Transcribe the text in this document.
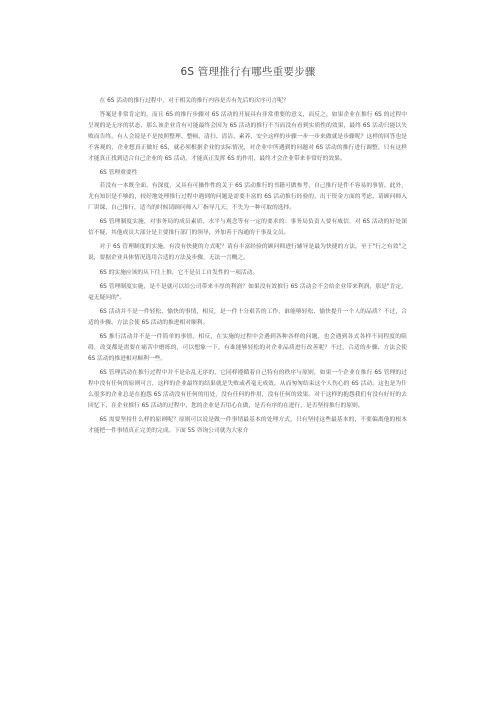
6S 管理推行有哪些重要步骤

在 6S 活动的推行过程中，对于相关的推行内容是否有先后的次序可言呢？

答案是非常肯定的，而且 6S 的推行步骤对 6S 活动的开展具有非常重要的意义，而反之，如果企业在推行 6S 的过程中呈现的是无序的状态，那么该企业肯有可能最终会因为 6S 活动的推行不当而没有看到实质性的效果，最终 6S 活动只能以失败而告终。有人会说是不是按照整理、整顿、清扫、清洁、素养、安全这样的步骤一步一步来做就是步骤呢？这样的回答也是不客观的，企业想真正做好 6S，就必须根据企业的实际情况，对企业中所遇到的问题对 6S 活动的推行进行调整，只有这样才能真正找到适合自己企业的 6S 活动，才能真正发挥 6S 的作用，最终才会企业带来非常好的效果。

6S 管理重要性

若没有一本既全面、有深度，又具有可操作性的关于 6S 活动推行的书籍可做参考，自己推行是件不容易的事情。此外，尤有知识是不够的，较好地处理推行过程中遇到的问题是需要丰富的 6S 活动推行经验的，出于资金方面的考虑，请顾问师入厂讲课，自己推行，适当的时候请顾问师入厂指导几天，不失为一种可取的选择。

6S 管理制度实施，对事务局的成员素质、水平与观念等有一定的要求的：事务局负责人要有威信，对 6S 活动的好处深信不疑，其他成员大部分是主要推行部门的领导，外加善于沟通的干事及文员。

对于 6S 管理制度的实施，有没有快捷的方式呢？请有丰富经验的顾问师进行辅导是最为快捷的方法，至于"行之有效"之说，要据企业具体情况选用合适的方法及步骤，无法一言概之。

6S 的实施应该的从下往上推，它不是员工自发性的一项活动。

6S 管理制度实施，是不是就可以给公司带来丰厚的利润？如果没有效推行 6S 活动会不会给企业带来利润，那是"肯定，毫无疑问的"。

6S 活动并不是一件轻松、愉快的事情，相反，是一件十分艰苦的工作，谁能够轻松、愉快提升一个人的品质？不过，合适的步骤、方法会使 6S 活动的推进相对顺利。

6S 推行活动并不是一件简单的事情，相反，在实施的过程中会遇到各种各样的问题，也会遇到各式各样不同程度的阻碍，改变都是需要在痛苦中磨练的，可以想象一下，有谁能够轻松的对企业品质进行改善呢？不过，合适的步骤、方法会使 6S 活动的推进相对顺利一些。

6S 管理活动在推行过程中并不是杂乱无序的，它同样遵循着自己特有的秩序与原则，如果一个企业在推行 6S 管理的过程中没有任何的原则可言，这样的企业最终的结果就是失败或者毫无成效，从而匆匆结束这个人伤心的 6S 活动。这也是为什么很多的企业总是在抱怨 6S 活动没有任何的用处，没有任何的作用，没有任何的效果。对于这样的抱怨我们有没有好好的去回忆下，在企业推行 6S 活动的过程中，您的企业是否用心在做，是否有序的在进行，是否坚持推行的原则。

6S 需要坚持什么样的原则呢？原则可以说是做一件事情最基本的处理方式，只有坚持这些最基本的，不要偏离他的根本才能把一件事情真正完美的完成。下面 5S 咨询公司就为大家介
